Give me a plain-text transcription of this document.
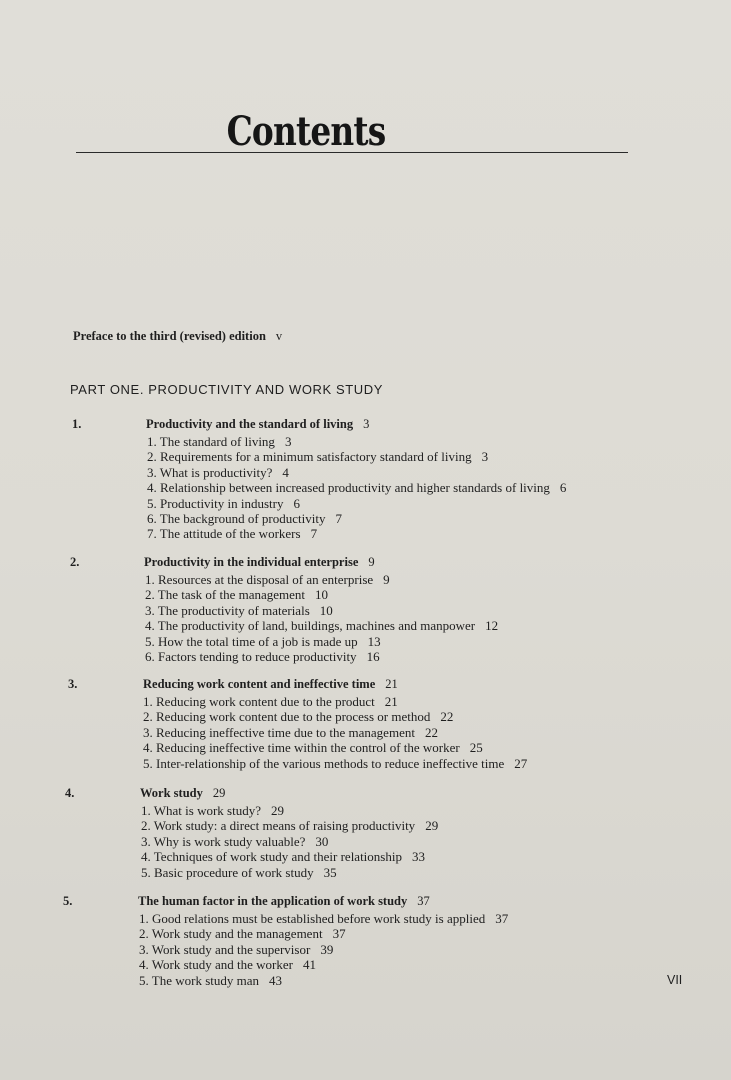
Contents
Preface to the third (revised) edition v
PART ONE. PRODUCTIVITY AND WORK STUDY
1.	Productivity and the standard of living 3
1. The standard of living 3
2. Requirements for a minimum satisfactory standard of living 3
3. What is productivity? 4
4. Relationship between increased productivity and higher standards of living 6
5. Productivity in industry 6
6. The background of productivity 7
7. The attitude of the workers 7
2.	Productivity in the individual enterprise 9
1. Resources at the disposal of an enterprise 9
2. The task of the management 10
3. The productivity of materials 10
4. The productivity of land, buildings, machines and manpower 12
5. How the total time of a job is made up 13
6. Factors tending to reduce productivity 16
3.	Reducing work content and ineffective time 21
1. Reducing work content due to the product 21
2. Reducing work content due to the process or method 22
3. Reducing ineffective time due to the management 22
4. Reducing ineffective time within the control of the worker 25
5. Inter-relationship of the various methods to reduce ineffective time 27
4.	Work study 29
1. What is work study? 29
2. Work study: a direct means of raising productivity 29
3. Why is work study valuable? 30
4. Techniques of work study and their relationship 33
5. Basic procedure of work study 35
5.	The human factor in the application of work study 37
1. Good relations must be established before work study is applied 37
2. Work study and the management 37
3. Work study and the supervisor 39
4. Work study and the worker 41
5. The work study man 43	VII
